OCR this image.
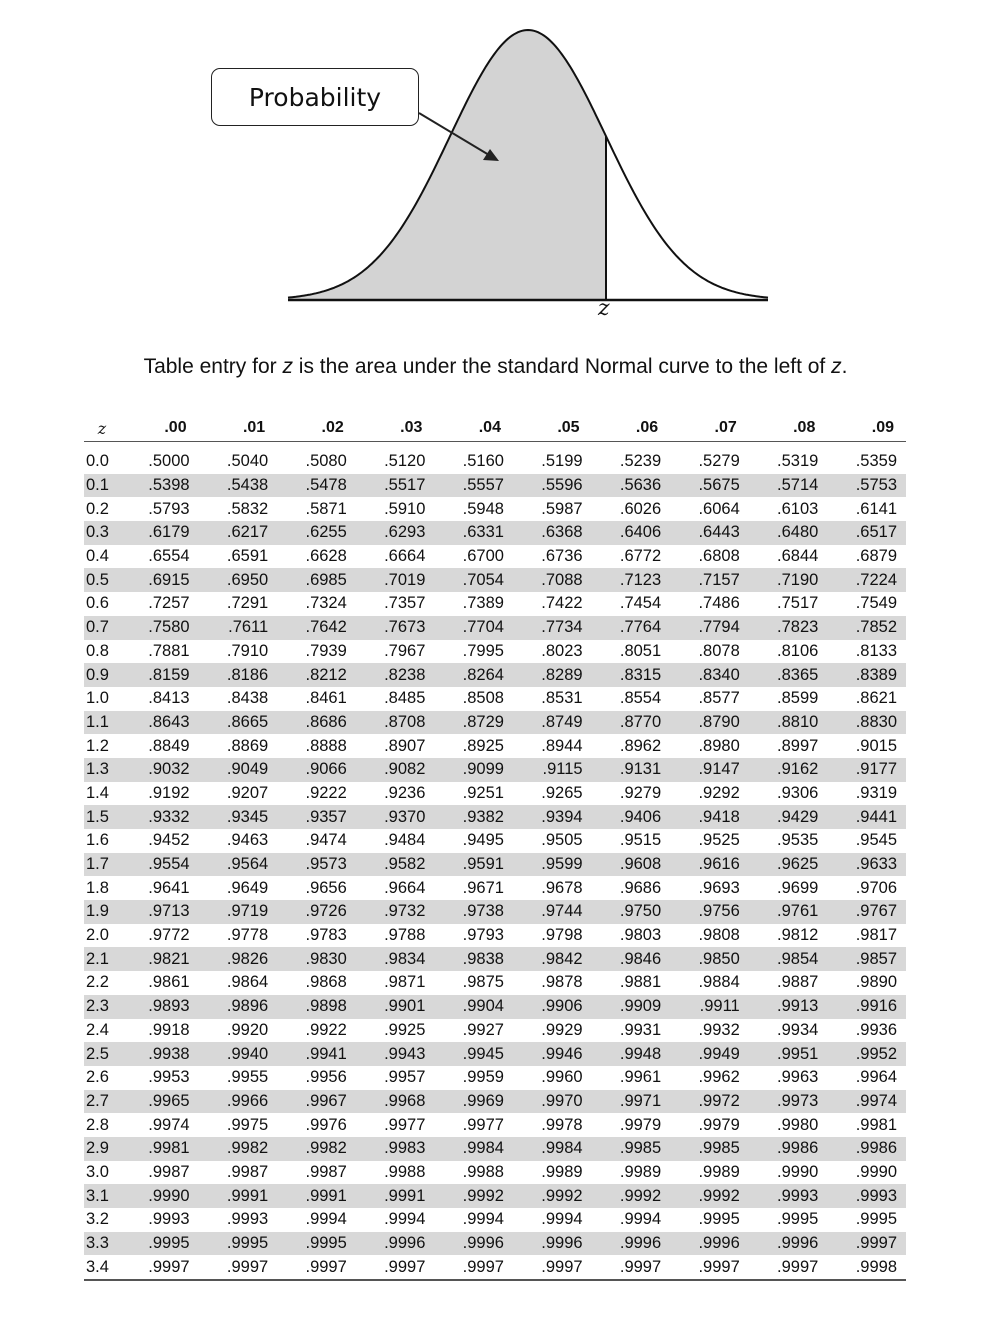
Probability
z
Table entry for z is the area under the standard Normal curve to the left of z.
z	.00	.01	.02	.03	.04	.05	.06	.07	.08	.09
0.0	.5000	.5040	.5080	.5120	.5160	.5199	.5239	.5279	.5319	.5359
0.1	.5398	.5438	.5478	.5517	.5557	.5596	.5636	.5675	.5714	.5753
0.2	.5793	.5832	.5871	.5910	.5948	.5987	.6026	.6064	.6103	.6141
0.3	.6179	.6217	.6255	.6293	.6331	.6368	.6406	.6443	.6480	.6517
0.4	.6554	.6591	.6628	.6664	.6700	.6736	.6772	.6808	.6844	.6879
0.5	.6915	.6950	.6985	.7019	.7054	.7088	.7123	.7157	.7190	.7224
0.6	.7257	.7291	.7324	.7357	.7389	.7422	.7454	.7486	.7517	.7549
0.7	.7580	.7611	.7642	.7673	.7704	.7734	.7764	.7794	.7823	.7852
0.8	.7881	.7910	.7939	.7967	.7995	.8023	.8051	.8078	.8106	.8133
0.9	.8159	.8186	.8212	.8238	.8264	.8289	.8315	.8340	.8365	.8389
1.0	.8413	.8438	.8461	.8485	.8508	.8531	.8554	.8577	.8599	.8621
1.1	.8643	.8665	.8686	.8708	.8729	.8749	.8770	.8790	.8810	.8830
1.2	.8849	.8869	.8888	.8907	.8925	.8944	.8962	.8980	.8997	.9015
1.3	.9032	.9049	.9066	.9082	.9099	.9115	.9131	.9147	.9162	.9177
1.4	.9192	.9207	.9222	.9236	.9251	.9265	.9279	.9292	.9306	.9319
1.5	.9332	.9345	.9357	.9370	.9382	.9394	.9406	.9418	.9429	.9441
1.6	.9452	.9463	.9474	.9484	.9495	.9505	.9515	.9525	.9535	.9545
1.7	.9554	.9564	.9573	.9582	.9591	.9599	.9608	.9616	.9625	.9633
1.8	.9641	.9649	.9656	.9664	.9671	.9678	.9686	.9693	.9699	.9706
1.9	.9713	.9719	.9726	.9732	.9738	.9744	.9750	.9756	.9761	.9767
2.0	.9772	.9778	.9783	.9788	.9793	.9798	.9803	.9808	.9812	.9817
2.1	.9821	.9826	.9830	.9834	.9838	.9842	.9846	.9850	.9854	.9857
2.2	.9861	.9864	.9868	.9871	.9875	.9878	.9881	.9884	.9887	.9890
2.3	.9893	.9896	.9898	.9901	.9904	.9906	.9909	.9911	.9913	.9916
2.4	.9918	.9920	.9922	.9925	.9927	.9929	.9931	.9932	.9934	.9936
2.5	.9938	.9940	.9941	.9943	.9945	.9946	.9948	.9949	.9951	.9952
2.6	.9953	.9955	.9956	.9957	.9959	.9960	.9961	.9962	.9963	.9964
2.7	.9965	.9966	.9967	.9968	.9969	.9970	.9971	.9972	.9973	.9974
2.8	.9974	.9975	.9976	.9977	.9977	.9978	.9979	.9979	.9980	.9981
2.9	.9981	.9982	.9982	.9983	.9984	.9984	.9985	.9985	.9986	.9986
3.0	.9987	.9987	.9987	.9988	.9988	.9989	.9989	.9989	.9990	.9990
3.1	.9990	.9991	.9991	.9991	.9992	.9992	.9992	.9992	.9993	.9993
3.2	.9993	.9993	.9994	.9994	.9994	.9994	.9994	.9995	.9995	.9995
3.3	.9995	.9995	.9995	.9996	.9996	.9996	.9996	.9996	.9996	.9997
3.4	.9997	.9997	.9997	.9997	.9997	.9997	.9997	.9997	.9997	.9998
